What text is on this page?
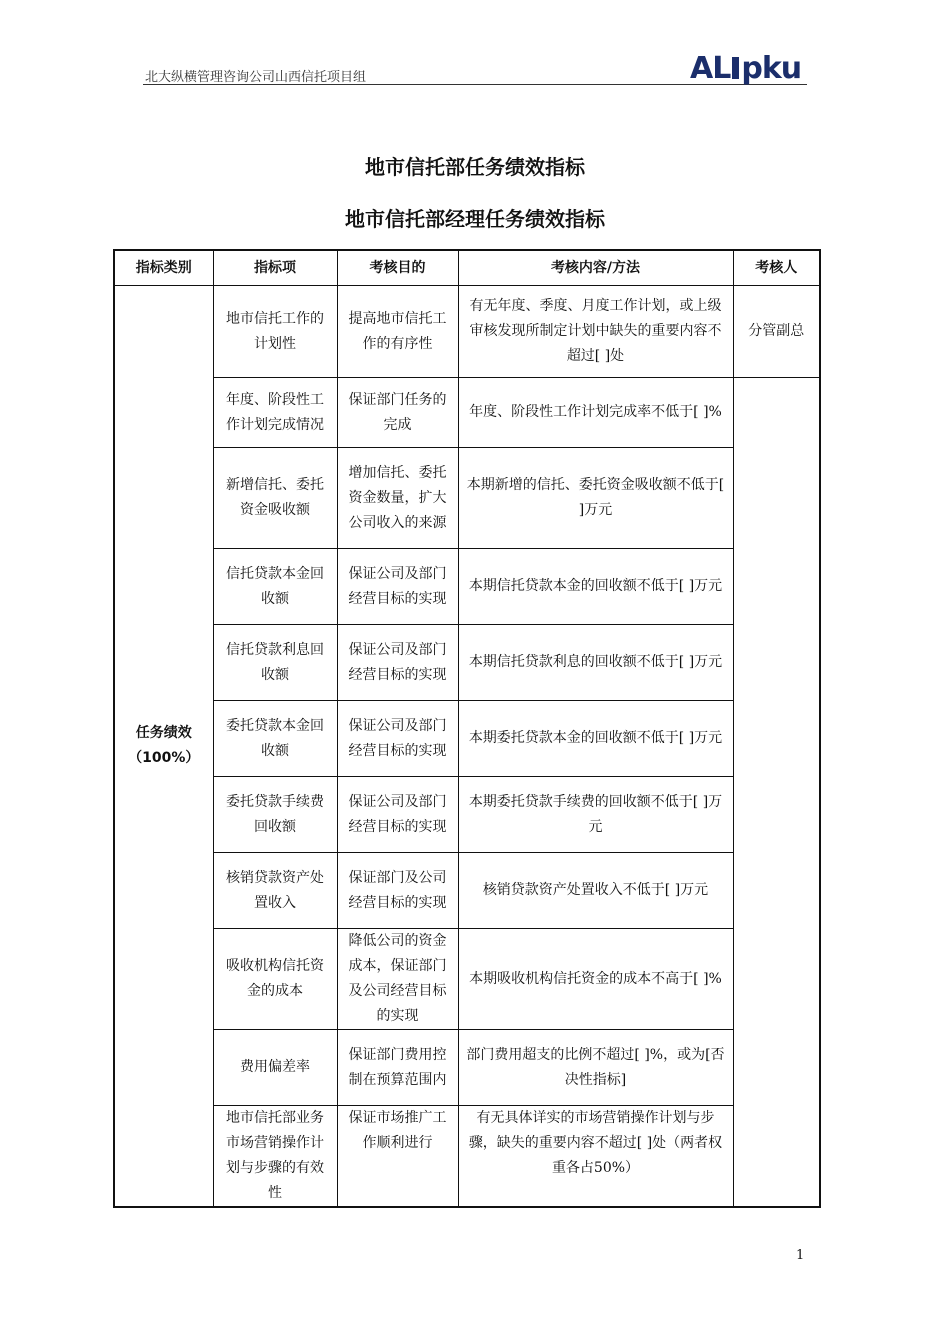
北大纵横管理咨询公司山西信托项目组	AL pku
地市信托部任务绩效指标
地市信托部经理任务绩效指标
指标类别	指标项	考核目的	考核内容/方法	考核人

任务绩效
（100%）	地市信托工作的计划性	提高地市信托工作的有序性	有无年度、季度、月度工作计划，或上级审核发现所制定计划中缺失的重要内容不超过[ ]处	分管副总
	年度、阶段性工作计划完成情况	保证部门任务的完成	年度、阶段性工作计划完成率不低于[ ]%	
	新增信托、委托资金吸收额	增加信托、委托资金数量，扩大公司收入的来源	本期新增的信托、委托资金吸收额不低于[ ]万元	
	信托贷款本金回收额	保证公司及部门经营目标的实现	本期信托贷款本金的回收额不低于[ ]万元	
	信托贷款利息回收额	保证公司及部门经营目标的实现	本期信托贷款利息的回收额不低于[ ]万元	
	委托贷款本金回收额	保证公司及部门经营目标的实现	本期委托贷款本金的回收额不低于[ ]万元	
	委托贷款手续费回收额	保证公司及部门经营目标的实现	本期委托贷款手续费的回收额不低于[ ]万元	
	核销贷款资产处置收入	保证部门及公司经营目标的实现	核销贷款资产处置收入不低于[ ]万元	
	吸收机构信托资金的成本	降低公司的资金成本，保证部门及公司经营目标的实现	本期吸收机构信托资金的成本不高于[ ]%	
	费用偏差率	保证部门费用控制在预算范围内	部门费用超支的比例不超过[ ]%，或为[否决性指标]	
	地市信托部业务市场营销操作计划与步骤的有效性	保证市场推广工作顺利进行	有无具体详实的市场营销操作计划与步骤，缺失的重要内容不超过[ ]处（两者权重各占50%）	
1
